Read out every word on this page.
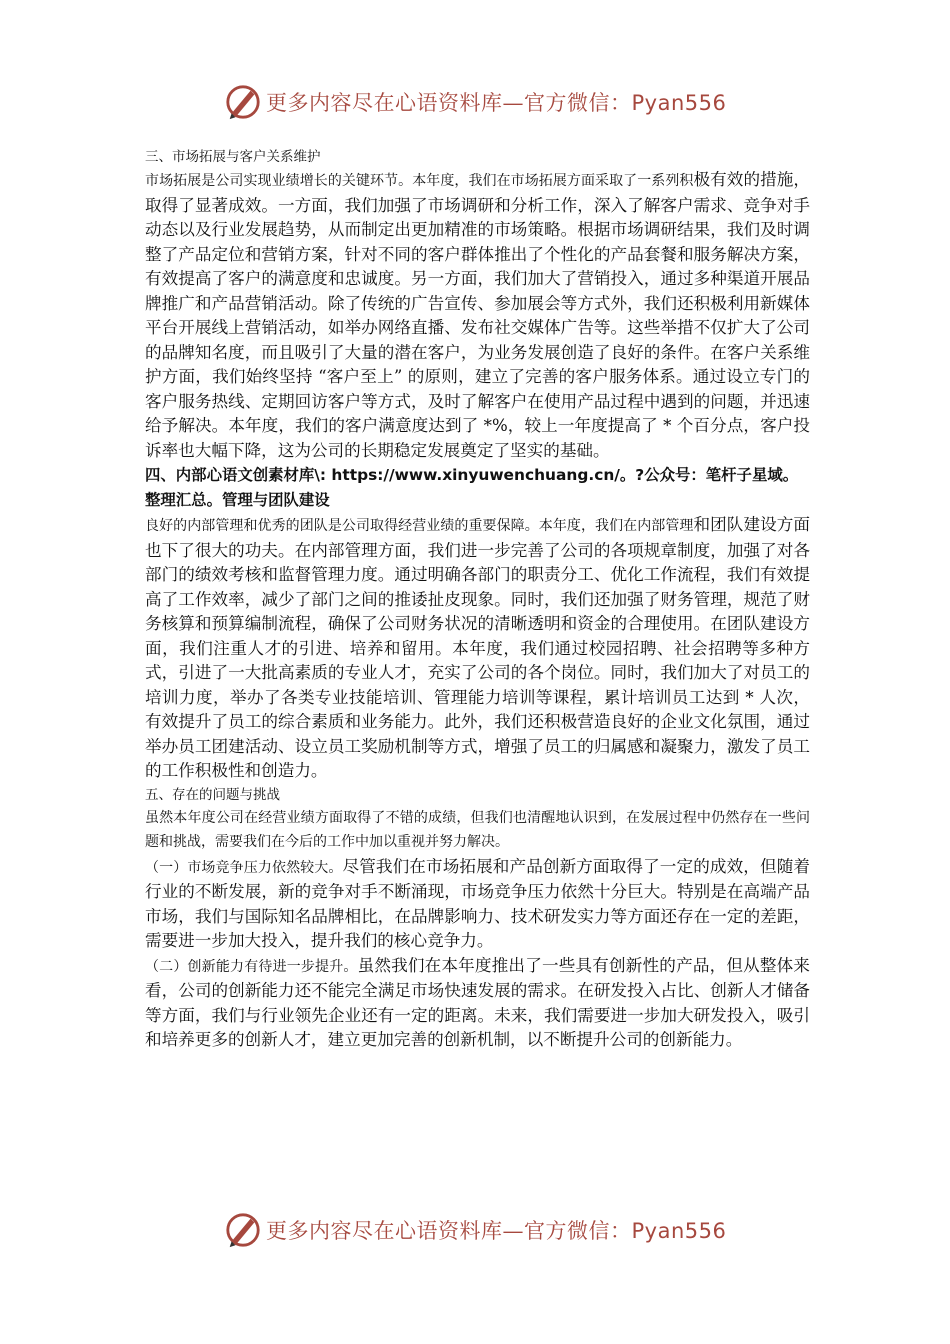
更多内容尽在心语资料库—官方微信：Pyan556

三、市场拓展与客户关系维护

市场拓展是公司实现业绩增长的关键环节。本年度，我们在市场拓展方面采取了一系列积极有效的措施，取得了显著成效。一方面，我们加强了市场调研和分析工作，深入了解客户需求、竞争对手动态以及行业发展趋势，从而制定出更加精准的市场策略。根据市场调研结果，我们及时调整了产品定位和营销方案，针对不同的客户群体推出了个性化的产品套餐和服务解决方案，有效提高了客户的满意度和忠诚度。另一方面，我们加大了营销投入，通过多种渠道开展品牌推广和产品营销活动。除了传统的广告宣传、参加展会等方式外，我们还积极利用新媒体平台开展线上营销活动，如举办网络直播、发布社交媒体广告等。这些举措不仅扩大了公司的品牌知名度，而且吸引了大量的潜在客户，为业务发展创造了良好的条件。在客户关系维护方面，我们始终坚持 “客户至上” 的原则，建立了完善的客户服务体系。通过设立专门的客户服务热线、定期回访客户等方式，及时了解客户在使用产品过程中遇到的问题，并迅速给予解决。本年度，我们的客户满意度达到了 *%，较上一年度提高了 * 个百分点，客户投诉率也大幅下降，这为公司的长期稳定发展奠定了坚实的基础。

四、内部心语文创素材库\: https://www.xinyuwenchuang.cn/。?公众号：笔杆子星域。整理汇总。管理与团队建设

良好的内部管理和优秀的团队是公司取得经营业绩的重要保障。本年度，我们在内部管理和团队建设方面也下了很大的功夫。在内部管理方面，我们进一步完善了公司的各项规章制度，加强了对各部门的绩效考核和监督管理力度。通过明确各部门的职责分工、优化工作流程，我们有效提高了工作效率，减少了部门之间的推诿扯皮现象。同时，我们还加强了财务管理，规范了财务核算和预算编制流程，确保了公司财务状况的清晰透明和资金的合理使用。在团队建设方面，我们注重人才的引进、培养和留用。本年度，我们通过校园招聘、社会招聘等多种方式，引进了一大批高素质的专业人才，充实了公司的各个岗位。同时，我们加大了对员工的培训力度，举办了各类专业技能培训、管理能力培训等课程，累计培训员工达到 * 人次，有效提升了员工的综合素质和业务能力。此外，我们还积极营造良好的企业文化氛围，通过举办员工团建活动、设立员工奖励机制等方式，增强了员工的归属感和凝聚力，激发了员工的工作积极性和创造力。

五、存在的问题与挑战

虽然本年度公司在经营业绩方面取得了不错的成绩，但我们也清醒地认识到，在发展过程中仍然存在一些问题和挑战，需要我们在今后的工作中加以重视并努力解决。

（一）市场竞争压力依然较大。尽管我们在市场拓展和产品创新方面取得了一定的成效，但随着行业的不断发展，新的竞争对手不断涌现，市场竞争压力依然十分巨大。特别是在高端产品市场，我们与国际知名品牌相比，在品牌影响力、技术研发实力等方面还存在一定的差距，需要进一步加大投入，提升我们的核心竞争力。

（二）创新能力有待进一步提升。虽然我们在本年度推出了一些具有创新性的产品，但从整体来看，公司的创新能力还不能完全满足市场快速发展的需求。在研发投入占比、创新人才储备等方面，我们与行业领先企业还有一定的距离。未来，我们需要进一步加大研发投入，吸引和培养更多的创新人才，建立更加完善的创新机制，以不断提升公司的创新能力。

更多内容尽在心语资料库—官方微信：Pyan556
